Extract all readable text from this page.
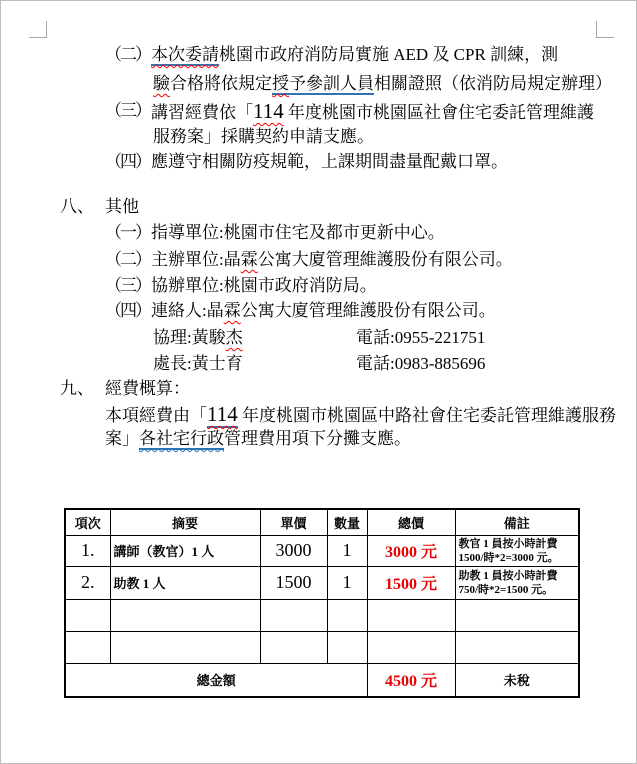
（二） 本次委請桃園市政府消防局實施 AED 及 CPR 訓練，測
驗合格將依規定授予參訓人員相關證照（依消防局規定辦理）
（三） 講習經費依「114 年度桃園市桃園區社會住宅委託管理維護
服務案」採購契約申請支應。
（四） 應遵守相關防疫規範，上課期間盡量配戴口罩。
八、 其他
（一） 指導單位:桃園市住宅及都市更新中心。
（二） 主辦單位:晶霖公寓大廈管理維護股份有限公司。
（三） 協辦單位:桃園市政府消防局。
（四） 連絡人:晶霖公寓大廈管理維護股份有限公司。
協理:黃駿杰	電話:0955-221751
處長:黃士育	電話:0983-885696
九、 經費概算：
本項經費由「114 年度桃園市桃園區中路社會住宅委託管理維護服務
案」各社宅行政管理費用項下分攤支應。
項次	摘要	單價	數量	總價	備註
1.	講師（教官）1 人	3000	1	3000 元	教官 1 員按小時計費
1500/時*2=3000 元。

2.	助教 1 人	1500	1	1500 元	助教 1 員按小時計費
750/時*2=1500 元。

總金額				4500 元	未稅
